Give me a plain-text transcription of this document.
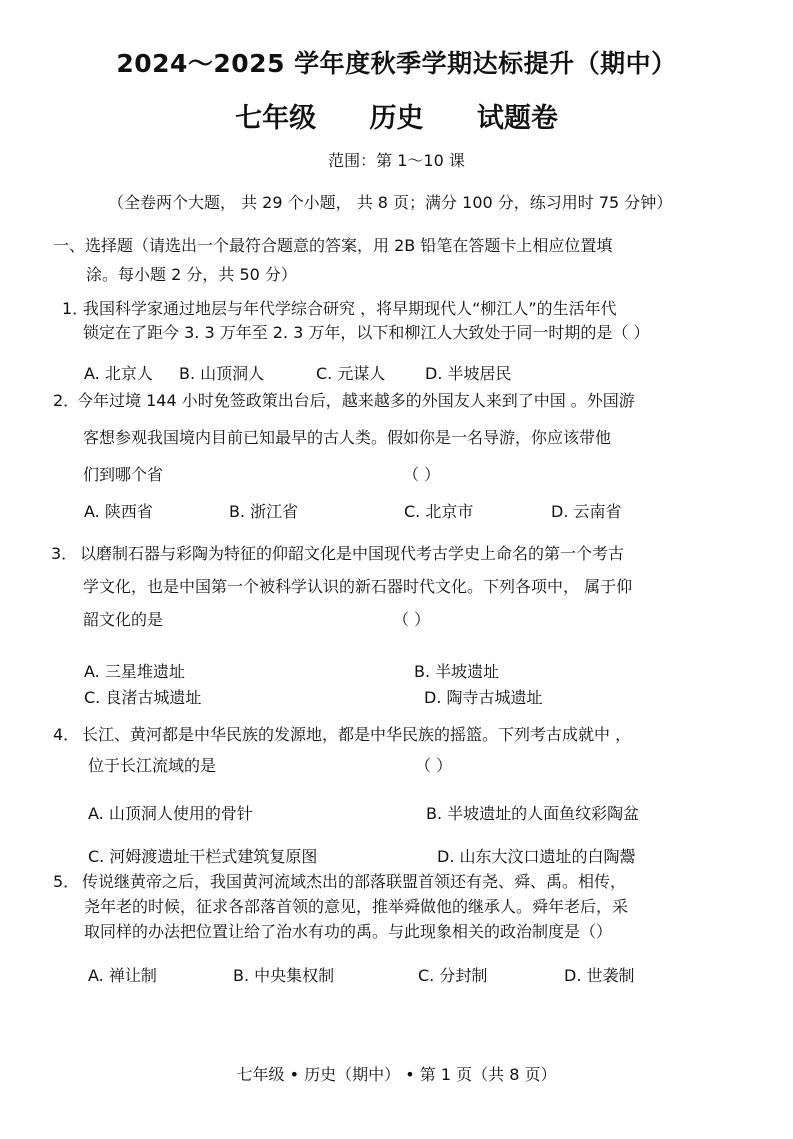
2024～2025 学年度秋季学期达标提升（期中）
七年级 历史 试题卷
范围：第 1～10 课
（全卷两个大题， 共 29 个小题， 共 8 页；满分 100 分，练习用时 75 分钟）
一、选择题（请选出一个最符合题意的答案，用 2B 铅笔在答题卡上相应位置填
涂。每小题 2 分，共 50 分）
1．
我国科学家通过地层与年代学综合研究 ，将早期现代人“柳江人”的生活年代
锁定在了距今 3. 3 万年至 2. 3 万年，以下和柳江人大致处于同一时期的是（ ）
A. 北京人 B. 山顶洞人	C. 元谋人 D. 半坡居民
2．
今年过境 144 小时免签政策出台后，越来越多的外国友人来到了中国 。外国游
客想参观我国境内目前已知最早的古人类。假如你是一名导游，你应该带他
们到哪个省	（ ）
A. 陕西省	B. 浙江省	C. 北京市	D. 云南省
3． 以磨制石器与彩陶为特征的仰韶文化是中国现代考古学史上命名的第一个考古
学文化，也是中国第一个被科学认识的新石器时代文化。下列各项中， 属于仰
韶文化的是	（ ）
A. 三星堆遗址	B. 半坡遗址
C. 良渚古城遗址	D. 陶寺古城遗址
4． 长江、黄河都是中华民族的发源地，都是中华民族的摇篮。下列考古成就中 ，
位于长江流域的是	（ ）
A. 山顶洞人使用的骨针	B. 半坡遗址的人面鱼纹彩陶盆
C. 河姆渡遗址干栏式建筑复原图	D. 山东大汶口遗址的白陶鬶
5． 传说继黄帝之后，我国黄河流域杰出的部落联盟首领还有尧、舜、禹。相传，
尧年老的时候，征求各部落首领的意见，推举舜做他的继承人。舜年老后，采
取同样的办法把位置让给了治水有功的禹。与此现象相关的政治制度是（）
A. 禅让制	B. 中央集权制	C. 分封制	D. 世袭制
七年级 • 历史（期中） • 第 1 页（共 8 页）
